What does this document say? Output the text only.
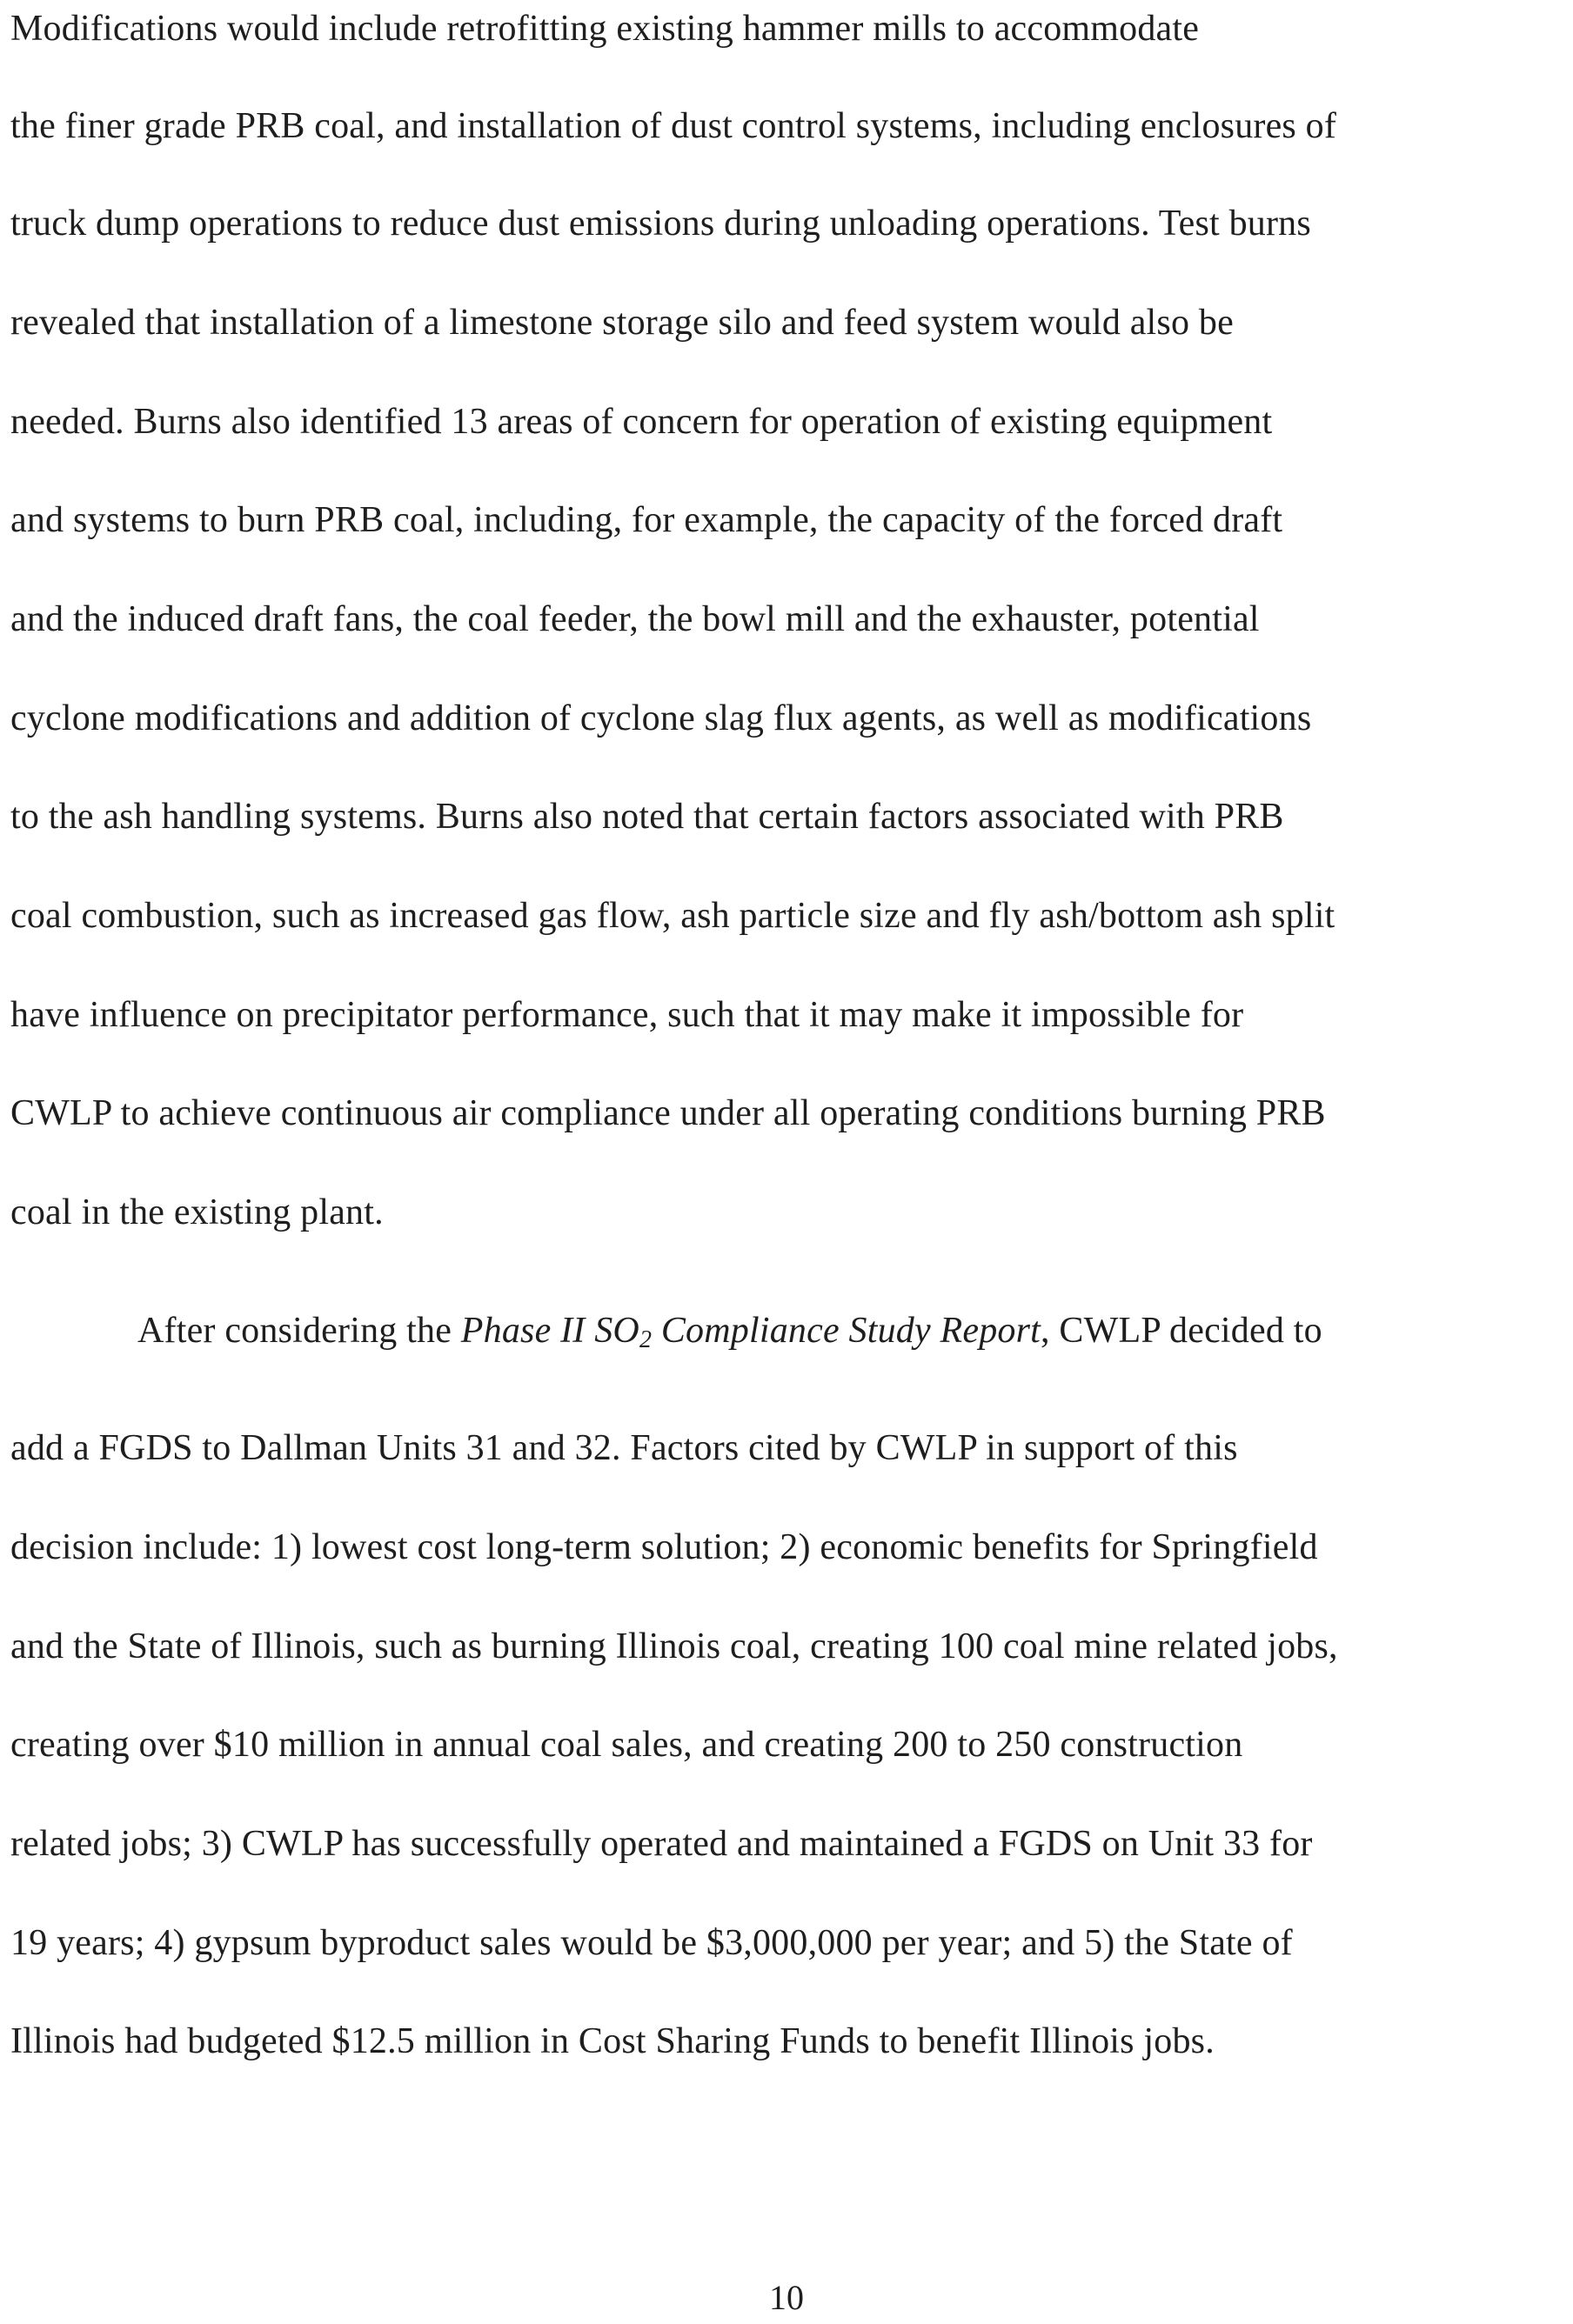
Modifications would include retrofitting existing hammer mills to accommodate
the finer grade PRB coal, and installation of dust control systems, including enclosures of
truck dump operations to reduce dust emissions during unloading operations. Test burns
revealed that installation of a limestone storage silo and feed system would also be
needed. Burns also identified 13 areas of concern for operation of existing equipment
and systems to burn PRB coal, including, for example, the capacity of the forced draft
and the induced draft fans, the coal feeder, the bowl mill and the exhauster, potential
cyclone modifications and addition of cyclone slag flux agents, as well as modifications
to the ash handling systems. Burns also noted that certain factors associated with PRB
coal combustion, such as increased gas flow, ash particle size and fly ash/bottom ash split
have influence on precipitator performance, such that it may make it impossible for
CWLP to achieve continuous air compliance under all operating conditions burning PRB
coal in the existing plant.
After considering the Phase II $SO_2$ Compliance Study Report, CWLP decided to
add a FGDS to Dallman Units 31 and 32. Factors cited by CWLP in support of this
decision include: 1) lowest cost long-term solution; 2) economic benefits for Springfield
and the State of Illinois, such as burning Illinois coal, creating 100 coal mine related jobs,
creating over $10 million in annual coal sales, and creating 200 to 250 construction
related jobs; 3) CWLP has successfully operated and maintained a FGDS on Unit 33 for
19 years; 4) gypsum byproduct sales would be $3,000,000 per year; and 5) the State of
Illinois had budgeted $12.5 million in Cost Sharing Funds to benefit Illinois jobs.
10
